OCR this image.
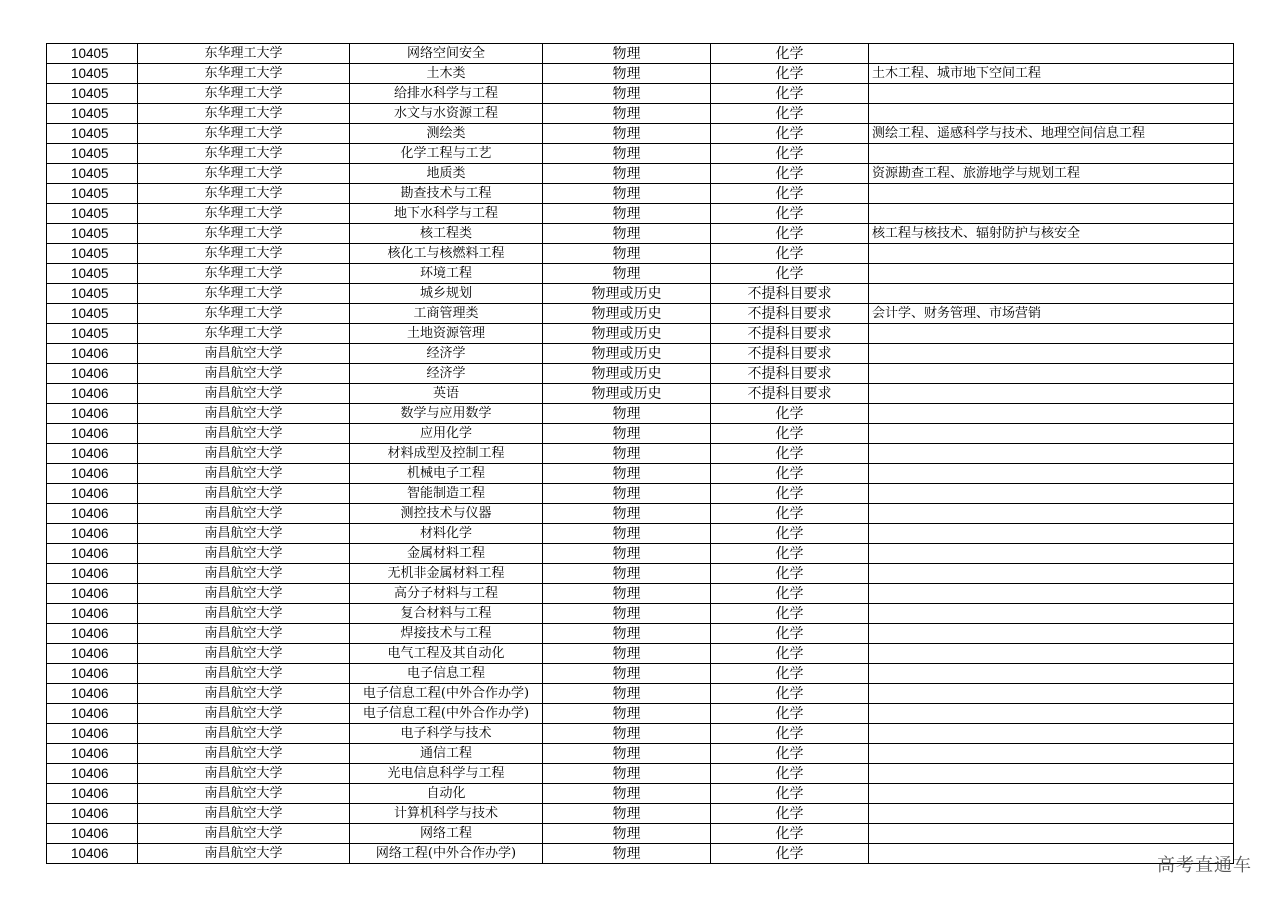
10405	东华理工大学	网络空间安全	物理	化学	
10405	东华理工大学	土木类	物理	化学	土木工程、城市地下空间工程
10405	东华理工大学	给排水科学与工程	物理	化学	
10405	东华理工大学	水文与水资源工程	物理	化学	
10405	东华理工大学	测绘类	物理	化学	测绘工程、遥感科学与技术、地理空间信息工程
10405	东华理工大学	化学工程与工艺	物理	化学	
10405	东华理工大学	地质类	物理	化学	资源勘查工程、旅游地学与规划工程
10405	东华理工大学	勘查技术与工程	物理	化学	
10405	东华理工大学	地下水科学与工程	物理	化学	
10405	东华理工大学	核工程类	物理	化学	核工程与核技术、辐射防护与核安全
10405	东华理工大学	核化工与核燃料工程	物理	化学	
10405	东华理工大学	环境工程	物理	化学	
10405	东华理工大学	城乡规划	物理或历史	不提科目要求	
10405	东华理工大学	工商管理类	物理或历史	不提科目要求	会计学、财务管理、市场营销
10405	东华理工大学	土地资源管理	物理或历史	不提科目要求	
10406	南昌航空大学	经济学	物理或历史	不提科目要求	
10406	南昌航空大学	经济学	物理或历史	不提科目要求	
10406	南昌航空大学	英语	物理或历史	不提科目要求	
10406	南昌航空大学	数学与应用数学	物理	化学	
10406	南昌航空大学	应用化学	物理	化学	
10406	南昌航空大学	材料成型及控制工程	物理	化学	
10406	南昌航空大学	机械电子工程	物理	化学	
10406	南昌航空大学	智能制造工程	物理	化学	
10406	南昌航空大学	测控技术与仪器	物理	化学	
10406	南昌航空大学	材料化学	物理	化学	
10406	南昌航空大学	金属材料工程	物理	化学	
10406	南昌航空大学	无机非金属材料工程	物理	化学	
10406	南昌航空大学	高分子材料与工程	物理	化学	
10406	南昌航空大学	复合材料与工程	物理	化学	
10406	南昌航空大学	焊接技术与工程	物理	化学	
10406	南昌航空大学	电气工程及其自动化	物理	化学	
10406	南昌航空大学	电子信息工程	物理	化学	
10406	南昌航空大学	电子信息工程(中外合作办学)	物理	化学	
10406	南昌航空大学	电子信息工程(中外合作办学)	物理	化学	
10406	南昌航空大学	电子科学与技术	物理	化学	
10406	南昌航空大学	通信工程	物理	化学	
10406	南昌航空大学	光电信息科学与工程	物理	化学	
10406	南昌航空大学	自动化	物理	化学	
10406	南昌航空大学	计算机科学与技术	物理	化学	
10406	南昌航空大学	网络工程	物理	化学	
10406	南昌航空大学	网络工程(中外合作办学)	物理	化学	
高考直通车
